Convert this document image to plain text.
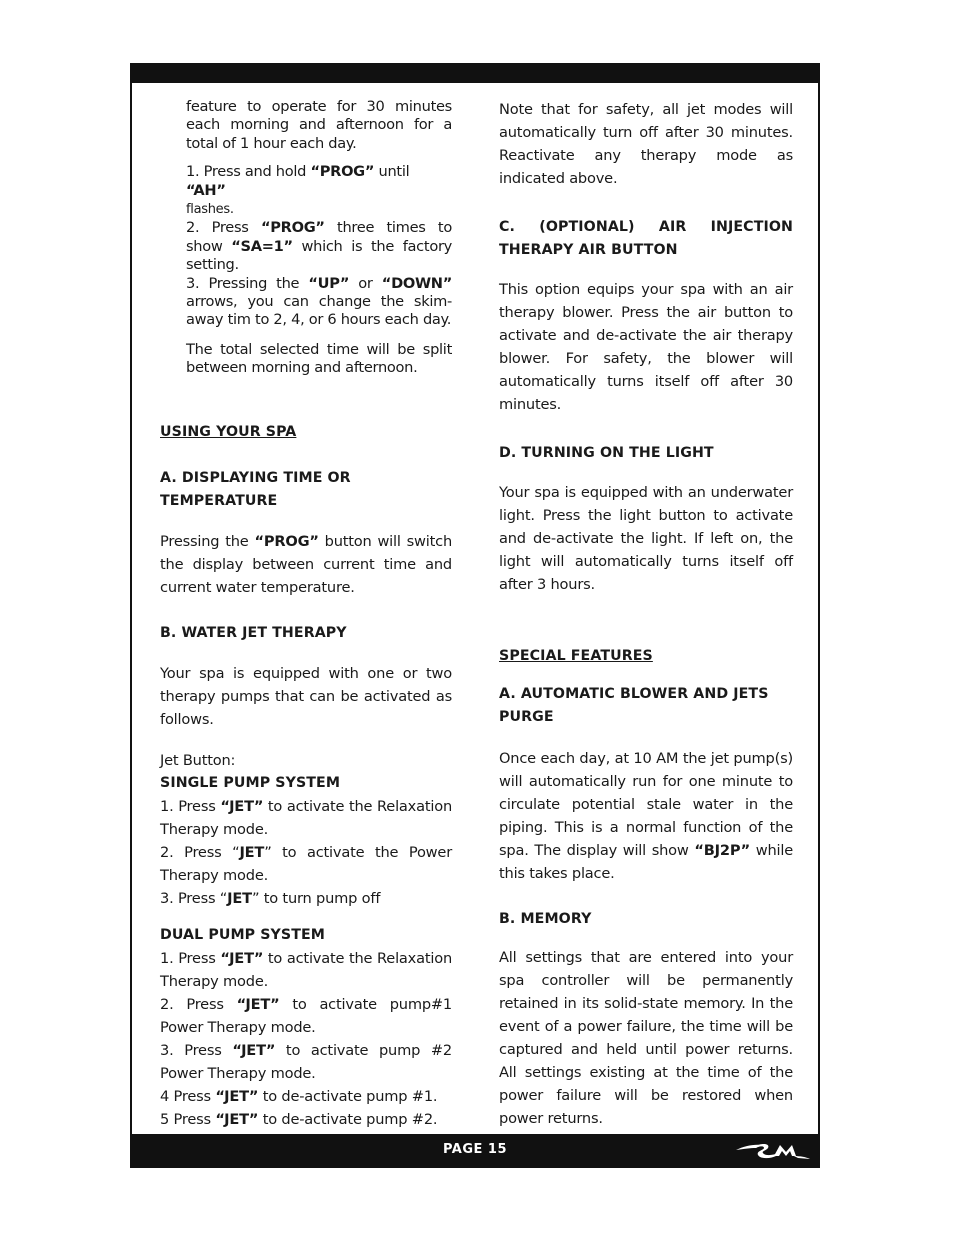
PAGE 15

feature to operate for 30 minutes each morning and afternoon for a total of 1 hour each day.

1. Press and hold “PROG” until “AH”
flashes.

2. Press “PROG” three times to show “SA=1” which is the factory setting.

3. Pressing the “UP” or “DOWN” arrows, you can change the skim-away tim to 2, 4, or 6 hours each day.

The total selected time will be split between morning and afternoon.

USING YOUR SPA

A. DISPLAYING TIME OR TEMPERATURE

Pressing the “PROG” button will switch the display between current time and current water temperature.

B. WATER JET THERAPY

Your spa is equipped with one or two therapy pumps that can be activated as follows.

Jet Button:

SINGLE PUMP SYSTEM

1. Press “JET” to activate the Relaxation Therapy mode.

2. Press “JET” to activate the Power Therapy mode.

3. Press “JET” to turn pump off

DUAL PUMP SYSTEM

1. Press “JET” to activate the Relaxation Therapy mode.

2. Press “JET” to activate pump#1 Power Therapy mode.

3. Press “JET” to activate pump #2 Power Therapy mode.

4 Press “JET” to de-activate pump #1.

5 Press “JET” to de-activate pump #2.

Note that for safety, all jet modes will automatically turn off after 30 minutes. Reactivate any therapy mode as indicated above.

C. (OPTIONAL) AIR INJECTION THERAPY AIR BUTTON

This option equips your spa with an air therapy blower. Press the air button to activate and de-activate the air therapy blower. For safety, the blower will automatically turns itself off after 30 minutes.

D. TURNING ON THE LIGHT

Your spa is equipped with an underwater light. Press the light button to activate and de-activate the light. If left on, the light will automatically turns itself off after 3 hours.

SPECIAL FEATURES

A. AUTOMATIC BLOWER AND JETS PURGE

Once each day, at 10 AM the jet pump(s) will automatically run for one minute to circulate potential stale water in the piping. This is a normal function of the spa. The display will show “BJ2P” while this takes place.

B. MEMORY

All settings that are entered into your spa controller will be permanently retained in its solid-state memory. In the event of a power failure, the time will be captured and held until power returns. All settings existing at the time of the power failure will be restored when power returns.
